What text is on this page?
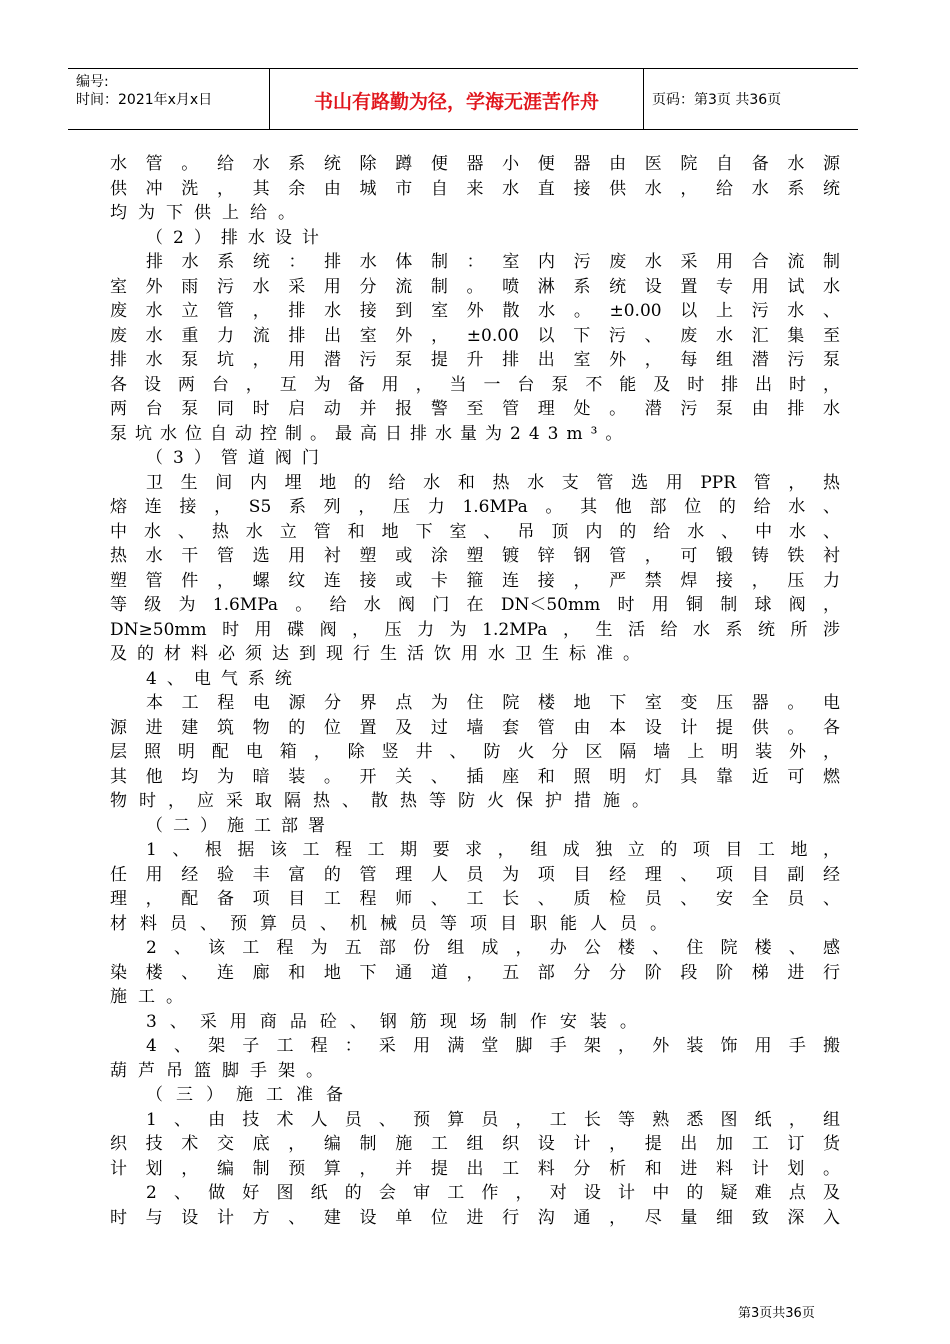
编号:
时间：2021年x月x日	书山有路勤为径，学海无涯苦作舟	页码：第3页 共36页
水管。给水系统除蹲便器小便器由医院自备水源
供冲洗，其余由城市自来水直接供水，给水系统
均为下供上给。
（2）排水设计
排水系统：排水体制：室内污废水采用合流制
室外雨污水采用分流制。喷淋系统设置专用试水
废水立管，排水接到室外散水。±0.00以上污水、
废水重力流排出室外，±0.00以下污、废水汇集至
排水泵坑，用潜污泵提升排出室外，每组潜污泵
各设两台，互为备用，当一台泵不能及时排出时，
两台泵同时启动并报警至管理处。潜污泵由排水
泵坑水位自动控制。最高日排水量为243m³。
（3）管道阀门
卫生间内埋地的给水和热水支管选用PPR管，热
熔连接，S5系列，压力1.6MPa。其他部位的给水、
中水、热水立管和地下室、吊顶内的给水、中水、
热水干管选用衬塑或涂塑镀锌钢管，可锻铸铁衬
塑管件，螺纹连接或卡箍连接，严禁焊接，压力
等级为1.6MPa。给水阀门在DN＜50mm时用铜制球阀，
DN≥50mm时用碟阀，压力为1.2MPa，生活给水系统所涉
及的材料必须达到现行生活饮用水卫生标准。
4、电气系统
本工程电源分界点为住院楼地下室变压器。电
源进建筑物的位置及过墙套管由本设计提供。各
层照明配电箱，除竖井、防火分区隔墙上明装外，
其他均为暗装。开关、插座和照明灯具靠近可燃
物时，应采取隔热、散热等防火保护措施。
（二）施工部署
1、根据该工程工期要求，组成独立的项目工地，
任用经验丰富的管理人员为项目经理、项目副经
理，配备项目工程师、工长、质检员、安全员、
材料员、预算员、机械员等项目职能人员。
2、该工程为五部份组成，办公楼、住院楼、感
染楼、连廊和地下通道，五部分分阶段阶梯进行
施工。
3、采用商品砼、钢筋现场制作安装。
4、架子工程：采用满堂脚手架，外装饰用手搬
葫芦吊篮脚手架。
（三）施工准备
1、由技术人员、预算员，工长等熟悉图纸，组
织技术交底，编制施工组织设计，提出加工订货
计划，编制预算，并提出工料分析和进料计划。
2、做好图纸的会审工作，对设计中的疑难点及
时与设计方、建设单位进行沟通，尽量细致深入
第3页共36页
